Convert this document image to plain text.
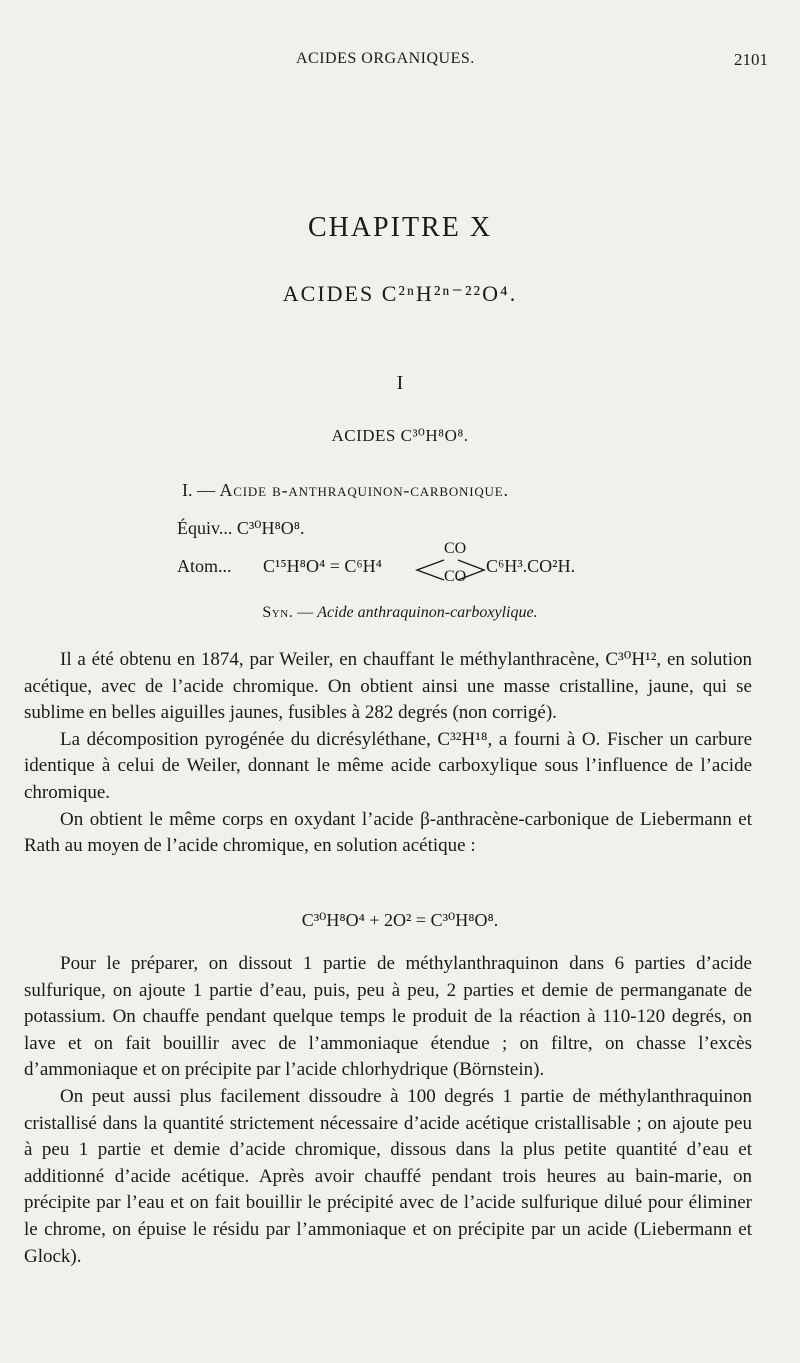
ACIDES ORGANIQUES.	2101
CHAPITRE X
ACIDES C²ⁿH²ⁿ⁻²²O⁴.
I
ACIDES C³⁰H⁸O⁸.
I. — Acide β-anthraquinon-carbonique.
Équiv... C³⁰H⁸O⁸.
Atom... C¹⁵H⁸O⁴ = C⁶H⁴
CO
CO
C⁶H³.CO²H.
Syn. — Acide anthraquinon-carboxylique.

Il a été obtenu en 1874, par Weiler, en chauffant le méthylanthracène, C³⁰H¹², en solution acétique, avec de l’acide chromique. On obtient ainsi une masse cristalline, jaune, qui se sublime en belles aiguilles jaunes, fusibles à 282 degrés (non corrigé).

La décomposition pyrogénée du dicrésyléthane, C³²H¹⁸, a fourni à O. Fischer un carbure identique à celui de Weiler, donnant le même acide carboxylique sous l’influence de l’acide chromique.

On obtient le même corps en oxydant l’acide β-anthracène-carbonique de Liebermann et Rath au moyen de l’acide chromique, en solution acétique :

C³⁰H⁸O⁴ + 2O² = C³⁰H⁸O⁸.

Pour le préparer, on dissout 1 partie de méthylanthraquinon dans 6 parties d’acide sulfurique, on ajoute 1 partie d’eau, puis, peu à peu, 2 parties et demie de permanganate de potassium. On chauffe pendant quelque temps le produit de la réaction à 110-120 degrés, on lave et on fait bouillir avec de l’ammoniaque étendue ; on filtre, on chasse l’excès d’ammoniaque et on précipite par l’acide chlorhydrique (Börnstein).

On peut aussi plus facilement dissoudre à 100 degrés 1 partie de méthylanthraquinon cristallisé dans la quantité strictement nécessaire d’acide acétique cristallisable ; on ajoute peu à peu 1 partie et demie d’acide chromique, dissous dans la plus petite quantité d’eau et additionné d’acide acétique. Après avoir chauffé pendant trois heures au bain-marie, on précipite par l’eau et on fait bouillir le précipité avec de l’acide sulfurique dilué pour éliminer le chrome, on épuise le résidu par l’ammoniaque et on précipite par un acide (Liebermann et Glock).
